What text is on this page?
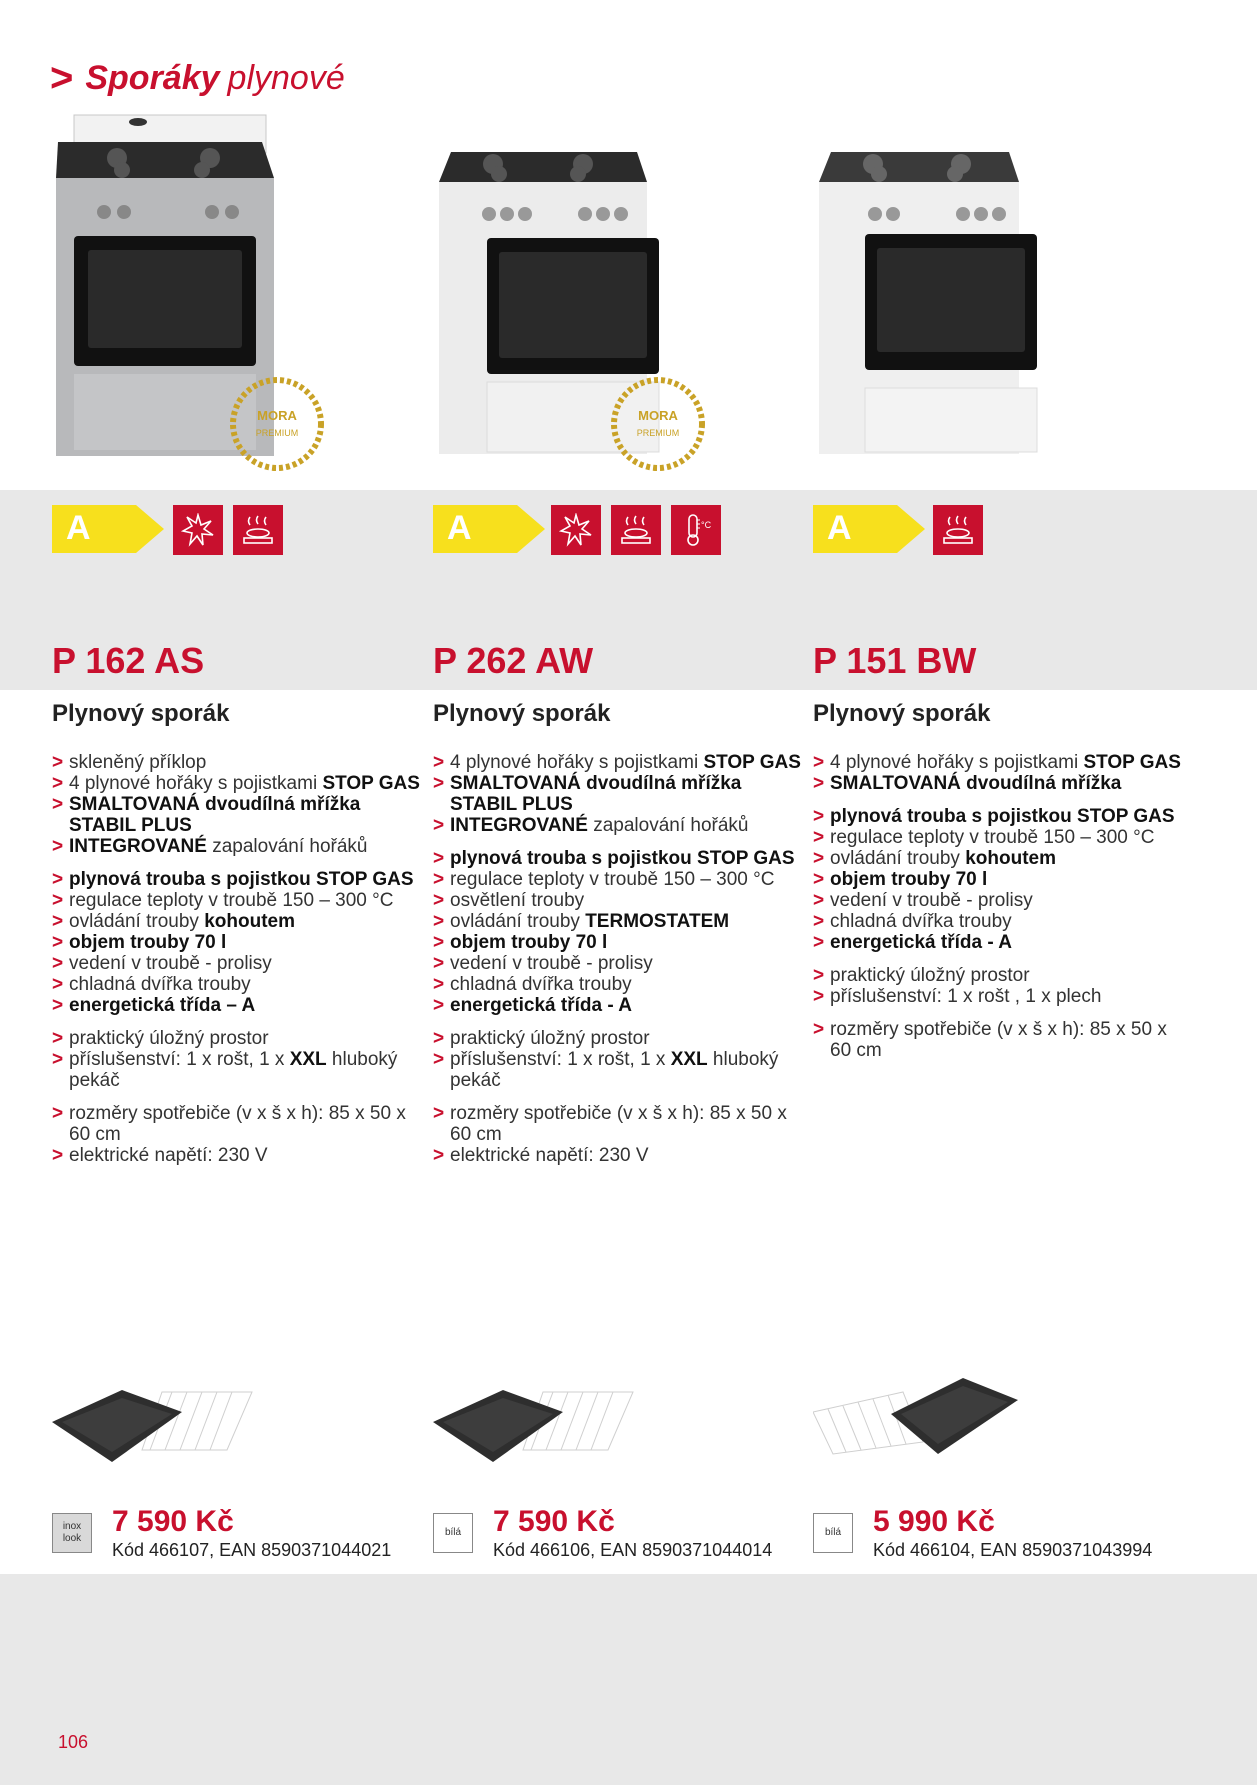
> Sporáky plynové
MORA
PREMIUM
A
P 162 AS
Plynový sporák
> skleněný příklop
> 4 plynové hořáky s pojistkami STOP GAS
> SMALTOVANÁ dvoudílná mřížka STABIL PLUS
> INTEGROVANÉ zapalování hořáků
> plynová trouba s pojistkou STOP GAS
> regulace teploty v troubě 150 – 300 °C
> ovládání trouby kohoutem
> objem trouby 70 l
> vedení v troubě - prolisy
> chladná dvířka trouby
> energetická třída – A
> praktický úložný prostor
> příslušenství: 1 x rošt, 1 x XXL hluboký pekáč
> rozměry spotřebiče (v x š x h): 85 x 50 x 60 cm
> elektrické napětí: 230 V
inox look
7 590 Kč
Kód 466107, EAN 8590371044021
MORA
PREMIUM
A	°C
P 262 AW
Plynový sporák
> 4 plynové hořáky s pojistkami STOP GAS
> SMALTOVANÁ dvoudílná mřížka STABIL PLUS
> INTEGROVANÉ zapalování hořáků
> plynová trouba s pojistkou STOP GAS
> regulace teploty v troubě 150 – 300 °C
> osvětlení trouby
> ovládání trouby TERMOSTATEM
> objem trouby 70 l
> vedení v troubě - prolisy
> chladná dvířka trouby
> energetická třída - A
> praktický úložný prostor
> příslušenství: 1 x rošt, 1 x XXL hluboký pekáč
> rozměry spotřebiče (v x š x h): 85 x 50 x 60 cm
> elektrické napětí: 230 V
bílá	7 590 Kč
Kód 466106, EAN 8590371044014
A
P 151 BW
Plynový sporák
> 4 plynové hořáky s pojistkami STOP GAS
> SMALTOVANÁ dvoudílná mřížka
> plynová trouba s pojistkou STOP GAS
> regulace teploty v troubě 150 – 300 °C
> ovládání trouby kohoutem
> objem trouby 70 l
> vedení v troubě - prolisy
> chladná dvířka trouby
> energetická třída - A
> praktický úložný prostor
> příslušenství: 1 x rošt , 1 x plech
> rozměry spotřebiče (v x š x h): 85 x 50 x 60 cm
bílá	5 990 Kč
Kód 466104, EAN 8590371043994
106
